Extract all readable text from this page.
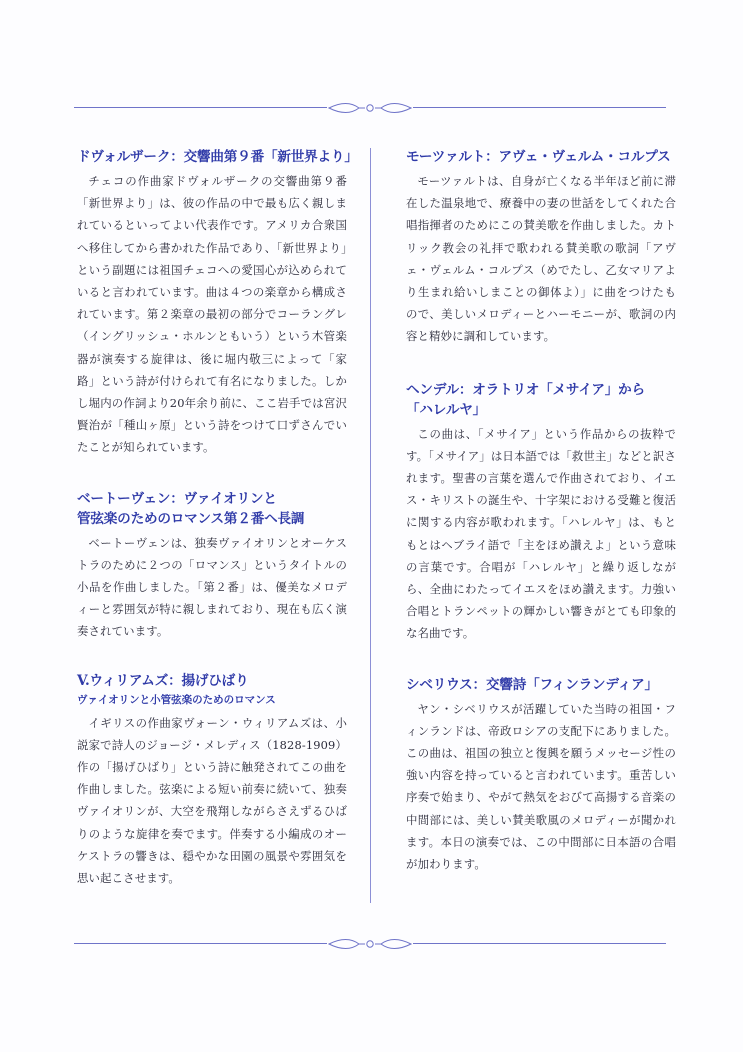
ドヴォルザーク：交響曲第９番「新世界より」

チェコの作曲家ドヴォルザークの交響曲第９番「新世界より」は、彼の作品の中で最も広く親しまれているといってよい代表作です。アメリカ合衆国へ移住してから書かれた作品であり、「新世界より」という副題には祖国チェコへの愛国心が込められていると言われています。曲は４つの楽章から構成されています。第２楽章の最初の部分でコーラングレ（イングリッシュ・ホルンともいう）という木管楽器が演奏する旋律は、後に堀内敬三によって「家路」という詩が付けられて有名になりました。しかし堀内の作詞より20年余り前に、ここ岩手では宮沢賢治が「種山ヶ原」という詩をつけて口ずさんでいたことが知られています。

ベートーヴェン：ヴァイオリンと
管弦楽のためのロマンス第２番ヘ長調

ベートーヴェンは、独奏ヴァイオリンとオーケストラのために２つの「ロマンス」というタイトルの小品を作曲しました。「第２番」は、優美なメロディーと雰囲気が特に親しまれており、現在も広く演奏されています。

V.ウィリアムズ：揚げひばり
ヴァイオリンと小管弦楽のためのロマンス

イギリスの作曲家ヴォーン・ウィリアムズは、小説家で詩人のジョージ・メレディス（1828-1909）作の「揚げひばり」という詩に触発されてこの曲を作曲しました。弦楽による短い前奏に続いて、独奏ヴァイオリンが、大空を飛翔しながらさえずるひばりのような旋律を奏でます。伴奏する小編成のオーケストラの響きは、穏やかな田園の風景や雰囲気を思い起こさせます。

モーツァルト：アヴェ・ヴェルム・コルプス

モーツァルトは、自身が亡くなる半年ほど前に滞在した温泉地で、療養中の妻の世話をしてくれた合唱指揮者のためにこの賛美歌を作曲しました。カトリック教会の礼拝で歌われる賛美歌の歌詞「アヴェ・ヴェルム・コルプス（めでたし、乙女マリアより生まれ給いしまことの御体よ）」に曲をつけたもので、美しいメロディーとハーモニーが、歌詞の内容と精妙に調和しています。

ヘンデル：オラトリオ「メサイア」から
「ハレルヤ」

この曲は、「メサイア」という作品からの抜粋です。「メサイア」は日本語では「救世主」などと訳されます。聖書の言葉を選んで作曲されており、イエス・キリストの誕生や、十字架における受難と復活に関する内容が歌われます。「ハレルヤ」は、もともとはヘブライ語で「主をほめ讃えよ」という意味の言葉です。合唱が「ハレルヤ」と繰り返しながら、全曲にわたってイエスをほめ讃えます。力強い合唱とトランペットの輝かしい響きがとても印象的な名曲です。

シベリウス：交響詩「フィンランディア」

ヤン・シベリウスが活躍していた当時の祖国・フィンランドは、帝政ロシアの支配下にありました。この曲は、祖国の独立と復興を願うメッセージ性の強い内容を持っていると言われています。重苦しい序奏で始まり、やがて熱気をおびて高揚する音楽の中間部には、美しい賛美歌風のメロディーが聞かれます。本日の演奏では、この中間部に日本語の合唱が加わります。
